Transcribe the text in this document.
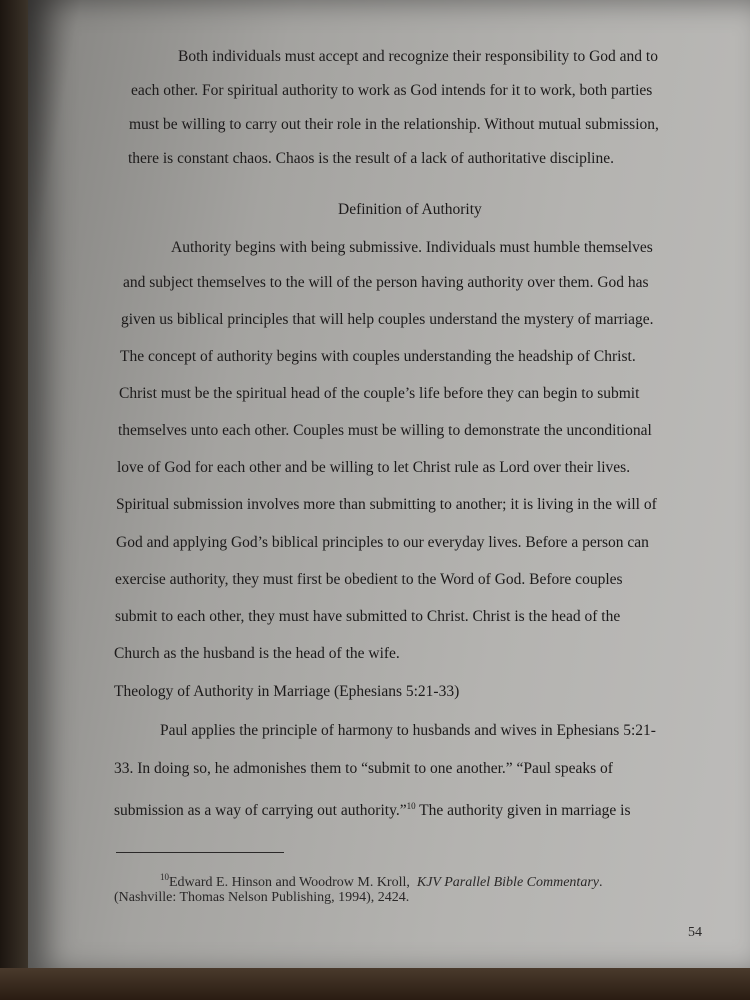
Both individuals must accept and recognize their responsibility to God and to
each other. For spiritual authority to work as God intends for it to work, both parties
must be willing to carry out their role in the relationship. Without mutual submission,
there is constant chaos. Chaos is the result of a lack of authoritative discipline.
Definition of Authority
Authority begins with being submissive. Individuals must humble themselves
and subject themselves to the will of the person having authority over them. God has
given us biblical principles that will help couples understand the mystery of marriage.
The concept of authority begins with couples understanding the headship of Christ.
Christ must be the spiritual head of the couple’s life before they can begin to submit
themselves unto each other. Couples must be willing to demonstrate the unconditional
love of God for each other and be willing to let Christ rule as Lord over their lives.
Spiritual submission involves more than submitting to another; it is living in the will of
God and applying God’s biblical principles to our everyday lives. Before a person can
exercise authority, they must first be obedient to the Word of God. Before couples
submit to each other, they must have submitted to Christ. Christ is the head of the
Church as the husband is the head of the wife.
Theology of Authority in Marriage (Ephesians 5:21-33)
Paul applies the principle of harmony to husbands and wives in Ephesians 5:21-
33. In doing so, he admonishes them to “submit to one another.” “Paul speaks of
submission as a way of carrying out authority.”$^{10}$ The authority given in marriage is
$^{10}$Edward E. Hinson and Woodrow M. Kroll, KJV Parallel Bible Commentary.
(Nashville: Thomas Nelson Publishing, 1994), 2424.
54
